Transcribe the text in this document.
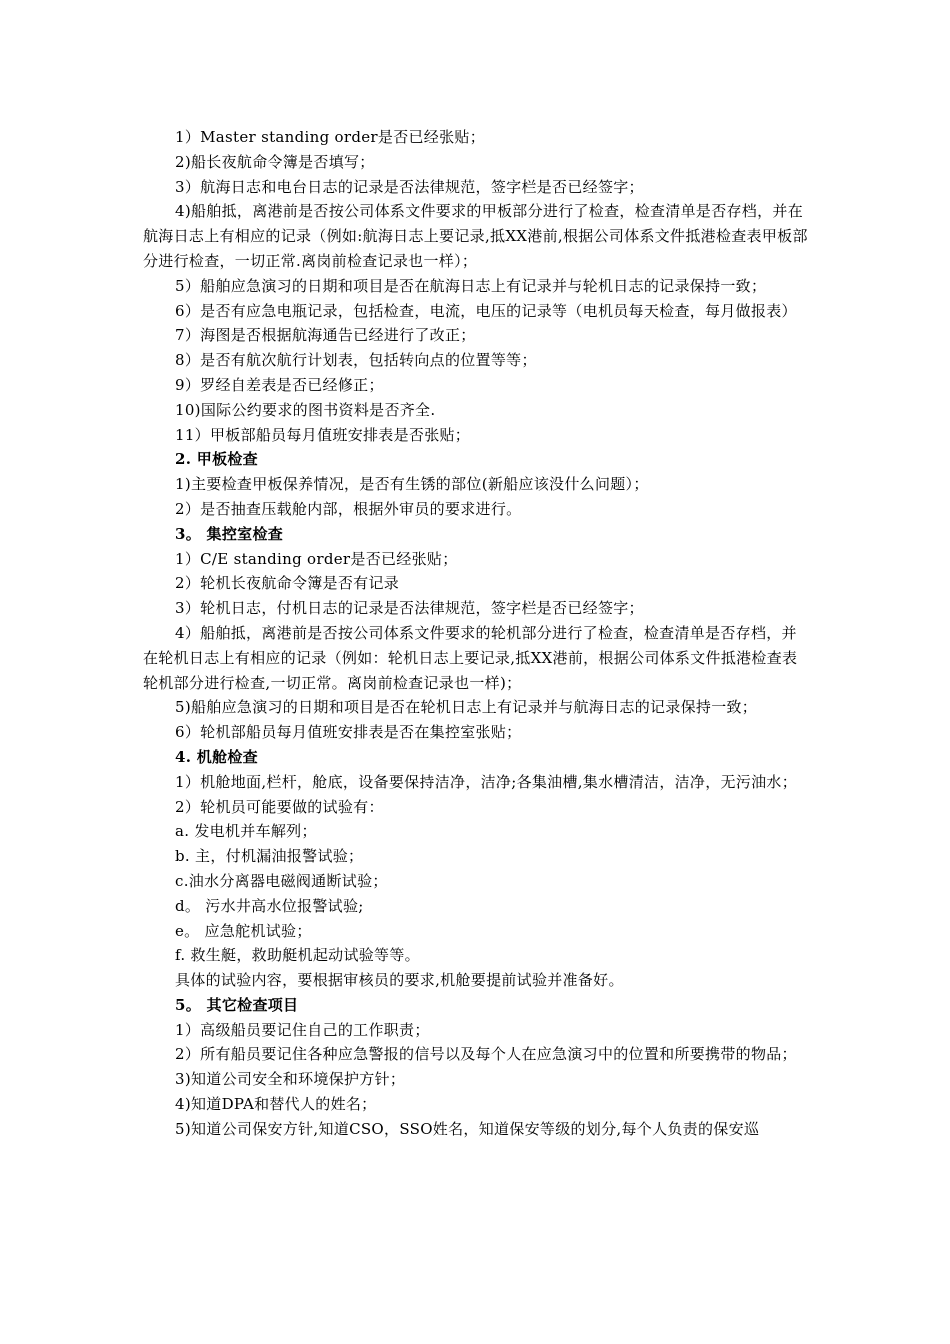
1）Master standing order是否已经张贴；

2)船长夜航命令簿是否填写；

3）航海日志和电台日志的记录是否法律规范，签字栏是否已经签字；

4)船舶抵，离港前是否按公司体系文件要求的甲板部分进行了检查，检查清单是否存档，并在航海日志上有相应的记录（例如:航海日志上要记录,抵XX港前,根据公司体系文件抵港检查表甲板部分进行检查，一切正常.离岗前检查记录也一样）；

5）船舶应急演习的日期和项目是否在航海日志上有记录并与轮机日志的记录保持一致；

6）是否有应急电瓶记录，包括检查，电流，电压的记录等（电机员每天检查，每月做报表）

7）海图是否根据航海通告已经进行了改正；

8）是否有航次航行计划表，包括转向点的位置等等；

9）罗经自差表是否已经修正；

10)国际公约要求的图书资料是否齐全.

11）甲板部船员每月值班安排表是否张贴；

2. 甲板检查

1)主要检查甲板保养情况，是否有生锈的部位(新船应该没什么问题）；

2）是否抽查压载舱内部，根据外审员的要求进行。

3。 集控室检查

1）C/E standing order是否已经张贴；

2）轮机长夜航命令簿是否有记录

3）轮机日志，付机日志的记录是否法律规范，签字栏是否已经签字；

4）船舶抵，离港前是否按公司体系文件要求的轮机部分进行了检查，检查清单是否存档，并在轮机日志上有相应的记录（例如：轮机日志上要记录,抵XX港前，根据公司体系文件抵港检查表轮机部分进行检查,一切正常。离岗前检查记录也一样)；

5)船舶应急演习的日期和项目是否在轮机日志上有记录并与航海日志的记录保持一致；

6）轮机部船员每月值班安排表是否在集控室张贴；

4. 机舱检查

1）机舱地面,栏杆，舱底，设备要保持洁净，洁净;各集油槽,集水槽清洁，洁净，无污油水；

2）轮机员可能要做的试验有：

a. 发电机并车解列；

b. 主，付机漏油报警试验；

c.油水分离器电磁阀通断试验；

d。 污水井高水位报警试验;

e。 应急舵机试验；

f. 救生艇，救助艇机起动试验等等。

具体的试验内容，要根据审核员的要求,机舱要提前试验并准备好。

5。 其它检查项目

1）高级船员要记住自己的工作职责；

2）所有船员要记住各种应急警报的信号以及每个人在应急演习中的位置和所要携带的物品；

3)知道公司安全和环境保护方针；

4)知道DPA和替代人的姓名；

5)知道公司保安方针,知道CSO，SSO姓名，知道保安等级的划分,每个人负责的保安巡
